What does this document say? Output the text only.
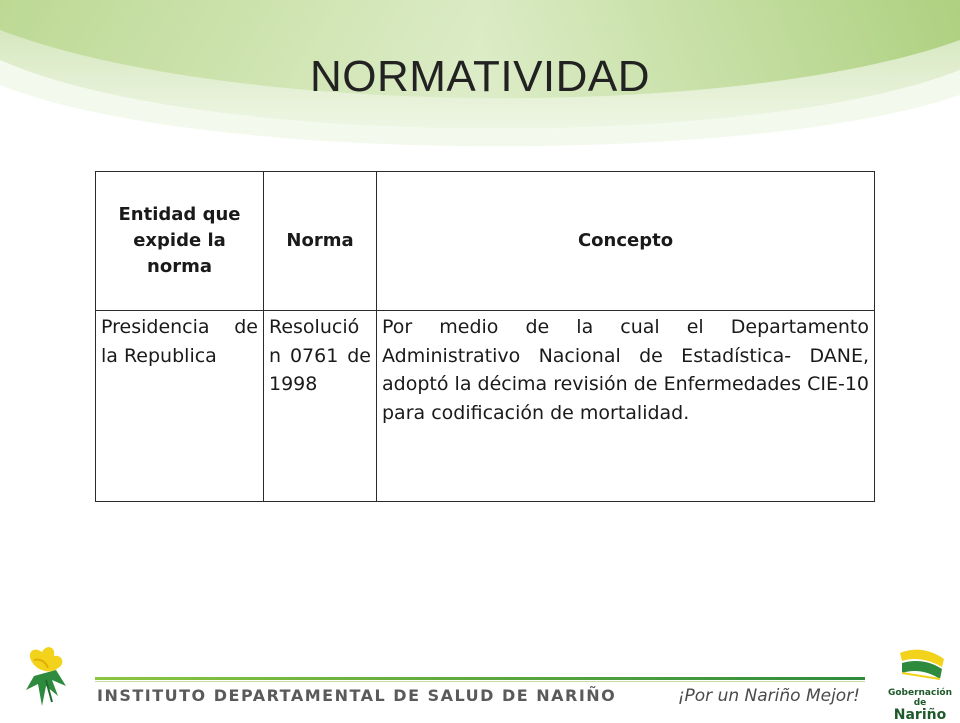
NORMATIVIDAD
Entidad que expide la norma	Norma	Concepto
Presidencia de la Republica	Resolución 0761 de 1998	Por medio de la cual el Departamento Administrativo Nacional de Estadística- DANE, adoptó la décima revisión de Enfermedades CIE-10 para codificación de mortalidad.
INSTITUTO DEPARTAMENTAL DE SALUD DE NARIÑO	¡Por un Nariño Mejor!	Gobernación de
Nariño
